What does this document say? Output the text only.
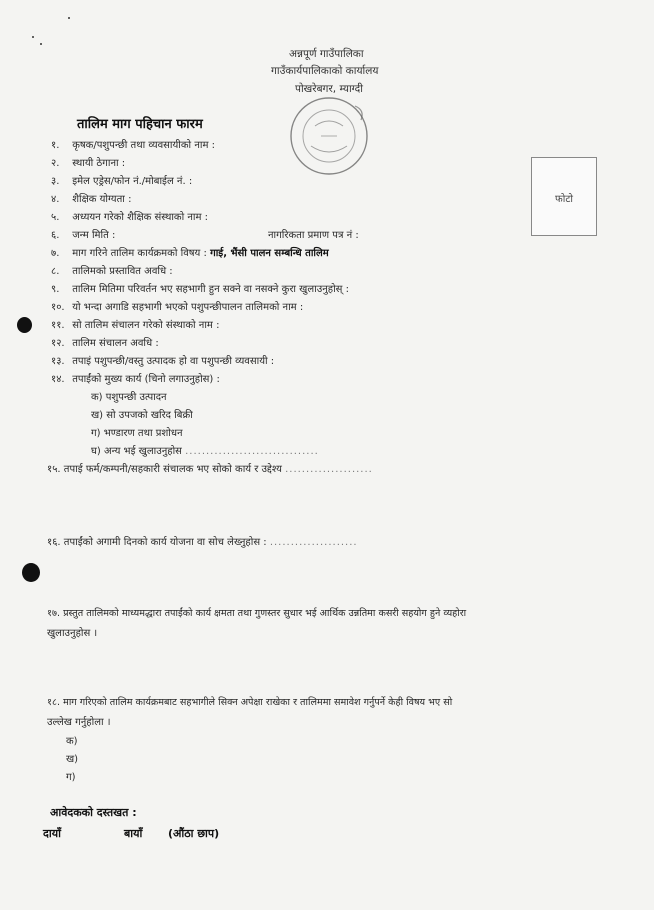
अन्नपूर्ण गाउँपालिका
गाउँकार्यपालिकाको कार्यालय
पोखरेबगर, म्याग्दी
तालिम माग पहिचान फारम
फोटो
१. कृषक/पशुपन्छी तथा व्यवसायीको नाम :
२. स्थायी ठेगाना :
३. इमेल एड्रेस/फोन नं./मोबाईल नं. :
४. शैक्षिक योग्यता :
५. अध्ययन गरेको शैक्षिक संस्थाको नाम :
६. जन्म मिति :	नागरिकता प्रमाण पत्र नं :
७. माग गरिने तालिम कार्यक्रमको विषय : गाई, भैंसी पालन सम्बन्धि तालिम
८. तालिमको प्रस्तावित अवधि :
९. तालिम मितिमा परिवर्तन भए सहभागी हुन सक्ने वा नसक्ने कुरा खुलाउनुहोस् :
१०. यो भन्दा अगाडि सहभागी भएको पशुपन्छीपालन तालिमको नाम :
११. सो तालिम संचालन गरेको संस्थाको नाम :
१२. तालिम संचालन अवधि :
१३. तपाइं पशुपन्छी/वस्तु उत्पादक हो वा पशुपन्छी व्यवसायी :
१४. तपाईंको मुख्य कार्य (चिनो लगाउनुहोस) :
क) पशुपन्छी उत्पादन
ख) सो उपजको खरिद बिक्री
ग) भण्डारण तथा प्रशोधन
घ) अन्य भई खुलाउनुहोस ................................
१५. तपाई फर्म/कम्पनी/सहकारी संचालक भए सोको कार्य र उद्देश्य .....................
१६. तपाईंको अगामी दिनको कार्य योजना वा सोच लेख्नुहोस : .....................
१७. प्रस्तुत तालिमको माध्यमद्धारा तपाईंको कार्य क्षमता तथा गुणस्तर सुधार भई आर्थिक उन्नतिमा कसरी सहयोग हुने व्यहोरा
खुलाउनुहोस ।
१८. माग गरिएको तालिम कार्यक्रमबाट सहभागीले सिक्न अपेक्षा राखेका र तालिममा समावेश गर्नुपर्ने केही विषय भए सो
उल्लेख गर्नुहोला ।
क)
ख)
ग)
आवेदकको दस्तखत :
दायाँ	बायाँ (औंठा छाप)
